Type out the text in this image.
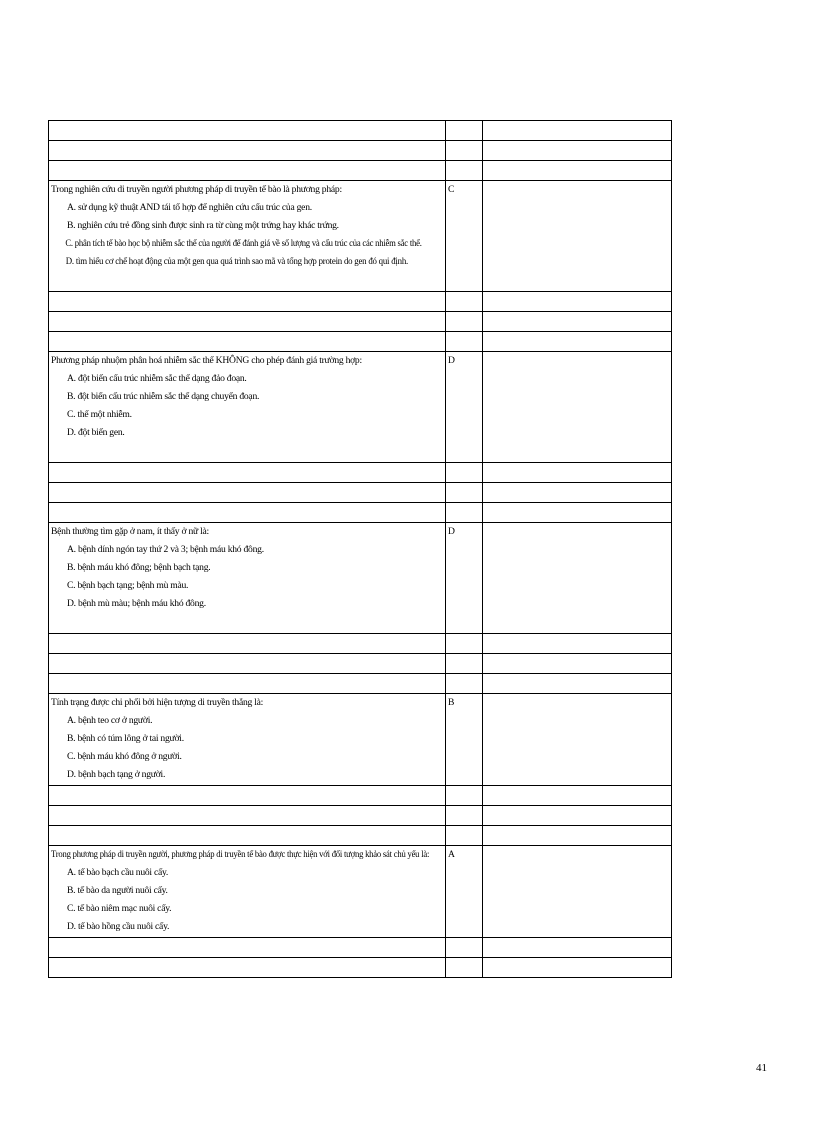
Trong nghiên cứu di truyền người phương pháp di truyền tế bào là phương pháp:
A. sử dụng kỹ thuật AND tái tổ hợp để nghiên cứu cấu trúc của gen.
B. nghiên cứu trẻ đồng sinh được sinh ra từ cùng một trứng hay khác trứng.
C. phân tích tế bào học bộ nhiễm sắc thể của người để đánh giá về số lượng và cấu trúc của các nhiễm sắc thể.
D. tìm hiểu cơ chế hoạt động của một gen qua quá trình sao mã và tổng hợp protein do gen đó qui định.	C	

Phương pháp nhuộm phân hoá nhiễm sắc thể KHÔNG cho phép đánh giá trường hợp:
A. đột biến cấu trúc nhiễm sắc thể dạng đảo đoạn.
B. đột biến cấu trúc nhiễm sắc thể dạng chuyển đoạn.
C. thể một nhiễm.
D. đột biến gen.	D	

Bệnh thường tìm gặp ở nam, ít thấy ở nữ là:
A. bệnh dính ngón tay thứ 2 và 3; bệnh máu khó đông.
B. bệnh máu khó đông; bệnh bạch tạng.
C. bệnh bạch tạng; bệnh mù màu.
D. bệnh mù màu; bệnh máu khó đông.	D	

Tính trạng được chi phối bởi hiện tượng di truyền thẳng là:
A. bệnh teo cơ ở người.
B. bệnh có túm lông ở tai người.
C. bệnh máu khó đông ở người.
D. bệnh bạch tạng ở người.	B	

Trong phương pháp di truyền người, phương pháp di truyền tế bào được thực hiện với đối tượng khảo sát chủ yếu là:
A. tế bào bạch cầu nuôi cấy.
B. tế bào da người nuôi cấy.
C. tế bào niêm mạc nuôi cấy.
D. tế bào hồng cầu nuôi cấy.	A	

41
